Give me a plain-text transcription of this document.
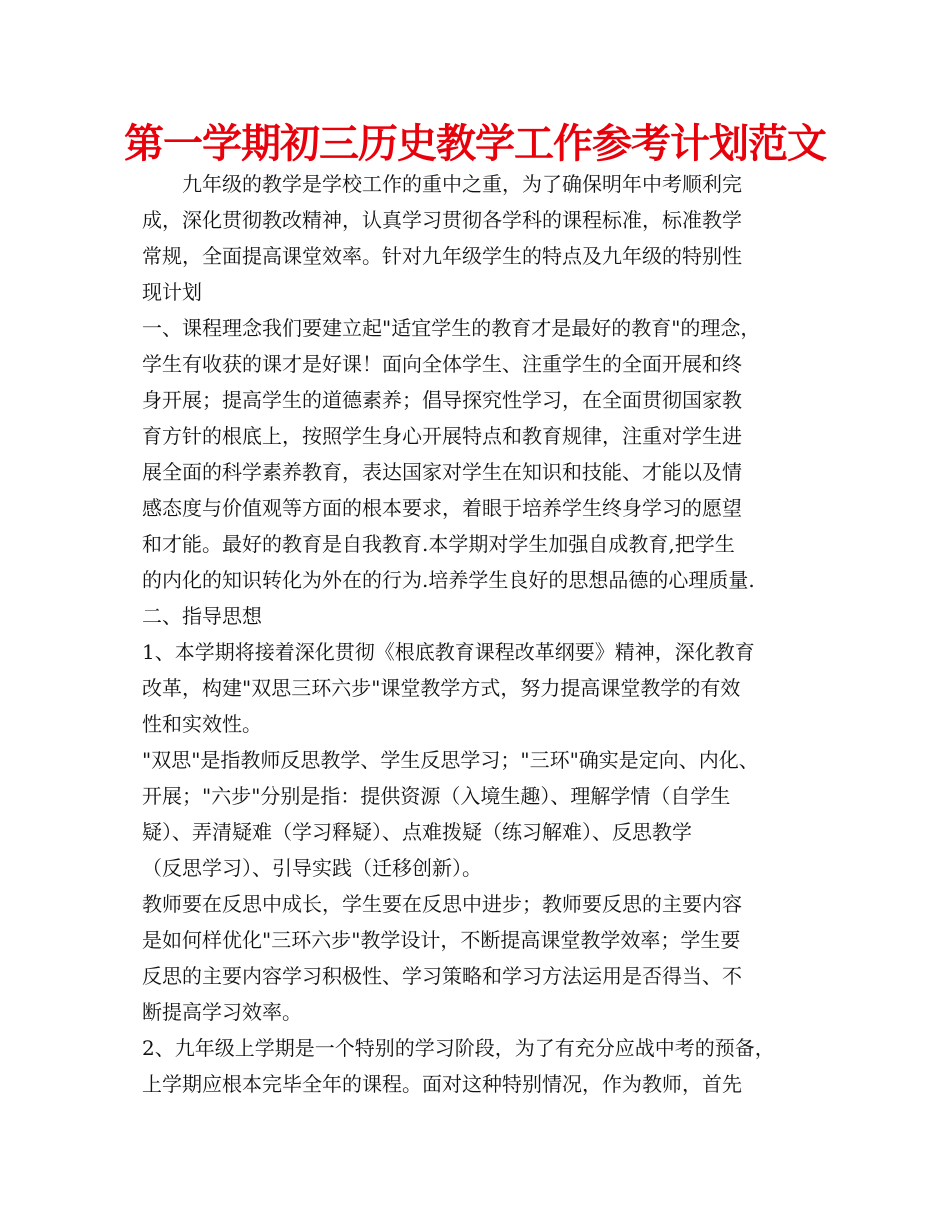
第一学期初三历史教学工作参考计划范文
九年级的教学是学校工作的重中之重，为了确保明年中考顺利完
成，深化贯彻教改精神，认真学习贯彻各学科的课程标准，标准教学
常规，全面提高课堂效率。针对九年级学生的特点及九年级的特别性
现计划
一、课程理念我们要建立起"适宜学生的教育才是最好的教育"的理念，
学生有收获的课才是好课！面向全体学生、注重学生的全面开展和终
身开展；提高学生的道德素养；倡导探究性学习，在全面贯彻国家教
育方针的根底上，按照学生身心开展特点和教育规律，注重对学生进
展全面的科学素养教育，表达国家对学生在知识和技能、才能以及情
感态度与价值观等方面的根本要求，着眼于培养学生终身学习的愿望
和才能。最好的教育是自我教育.本学期对学生加强自成教育,把学生
的内化的知识转化为外在的行为.培养学生良好的思想品德的心理质量.
二、指导思想
1、本学期将接着深化贯彻《根底教育课程改革纲要》精神，深化教育
改革，构建"双思三环六步"课堂教学方式，努力提高课堂教学的有效
性和实效性。
"双思"是指教师反思教学、学生反思学习；"三环"确实是定向、内化、
开展；"六步"分别是指：提供资源（入境生趣）、理解学情（自学生
疑）、弄清疑难（学习释疑）、点难拨疑（练习解难）、反思教学
（反思学习）、引导实践（迁移创新）。
教师要在反思中成长，学生要在反思中进步；教师要反思的主要内容
是如何样优化"三环六步"教学设计，不断提高课堂教学效率；学生要
反思的主要内容学习积极性、学习策略和学习方法运用是否得当、不
断提高学习效率。
2、九年级上学期是一个特别的学习阶段，为了有充分应战中考的预备，
上学期应根本完毕全年的课程。面对这种特别情况，作为教师，首先
